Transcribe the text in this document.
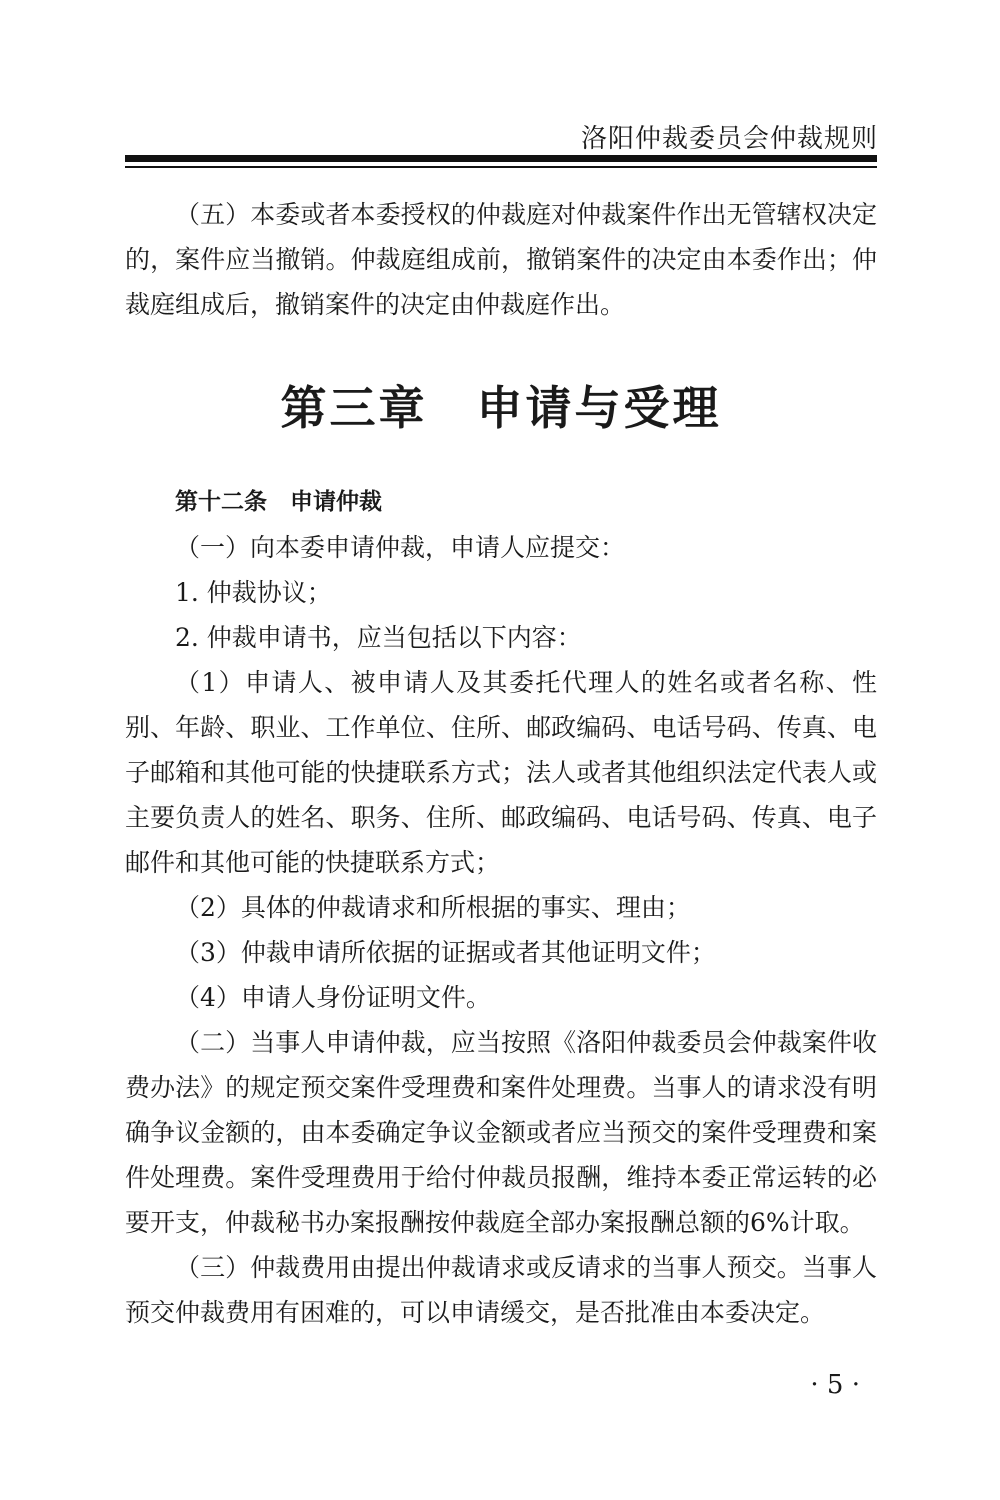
洛阳仲裁委员会仲裁规则

（五）本委或者本委授权的仲裁庭对仲裁案件作出无管辖权决定的，案件应当撤销。仲裁庭组成前，撤销案件的决定由本委作出；仲裁庭组成后，撤销案件的决定由仲裁庭作出。

第三章　申请与受理

第十二条　申请仲裁

（一）向本委申请仲裁，申请人应提交：

1. 仲裁协议；

2. 仲裁申请书，应当包括以下内容：

（1）申请人、被申请人及其委托代理人的姓名或者名称、性别、年龄、职业、工作单位、住所、邮政编码、电话号码、传真、电子邮箱和其他可能的快捷联系方式；法人或者其他组织法定代表人或主要负责人的姓名、职务、住所、邮政编码、电话号码、传真、电子邮件和其他可能的快捷联系方式；

（2）具体的仲裁请求和所根据的事实、理由；

（3）仲裁申请所依据的证据或者其他证明文件；

（4）申请人身份证明文件。

（二）当事人申请仲裁，应当按照《洛阳仲裁委员会仲裁案件收费办法》的规定预交案件受理费和案件处理费。当事人的请求没有明确争议金额的，由本委确定争议金额或者应当预交的案件受理费和案件处理费。案件受理费用于给付仲裁员报酬，维持本委正常运转的必要开支，仲裁秘书办案报酬按仲裁庭全部办案报酬总额的6%计取。

（三）仲裁费用由提出仲裁请求或反请求的当事人预交。当事人预交仲裁费用有困难的，可以申请缓交，是否批准由本委决定。

· 5 ·
